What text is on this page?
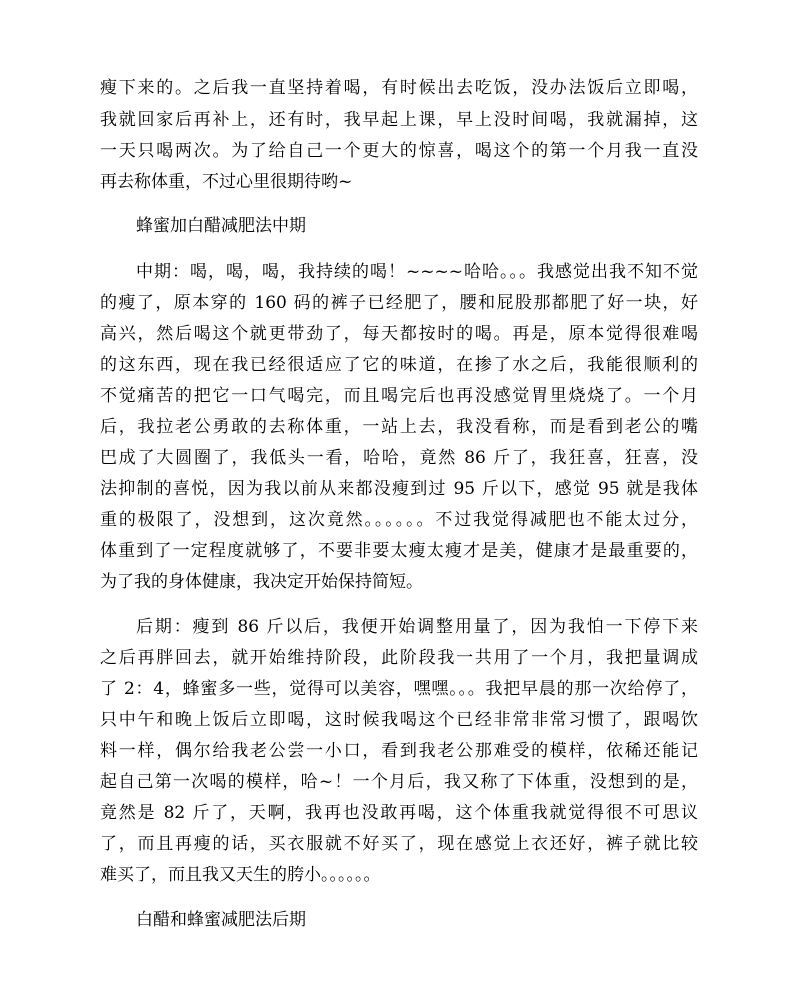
瘦下来的。之后我一直坚持着喝，有时候出去吃饭，没办法饭后立即喝，
我就回家后再补上，还有时，我早起上课，早上没时间喝，我就漏掉，这
一天只喝两次。为了给自己一个更大的惊喜，喝这个的第一个月我一直没
再去称体重，不过心里很期待哟~
蜂蜜加白醋减肥法中期
中期：喝，喝，喝，我持续的喝！~~~~哈哈。。。我感觉出我不知不觉
的瘦了，原本穿的 160 码的裤子已经肥了，腰和屁股那都肥了好一块，好
高兴，然后喝这个就更带劲了，每天都按时的喝。再是，原本觉得很难喝
的这东西，现在我已经很适应了它的味道，在掺了水之后，我能很顺利的
不觉痛苦的把它一口气喝完，而且喝完后也再没感觉胃里烧烧了。一个月
后，我拉老公勇敢的去称体重，一站上去，我没看称，而是看到老公的嘴
巴成了大圆圈了，我低头一看，哈哈，竟然 86 斤了，我狂喜，狂喜，没
法抑制的喜悦，因为我以前从来都没瘦到过 95 斤以下，感觉 95 就是我体
重的极限了，没想到，这次竟然。。。。。。不过我觉得减肥也不能太过分，
体重到了一定程度就够了，不要非要太瘦太瘦才是美，健康才是最重要的，
为了我的身体健康，我决定开始保持简短。
后期：瘦到 86 斤以后，我便开始调整用量了，因为我怕一下停下来
之后再胖回去，就开始维持阶段，此阶段我一共用了一个月，我把量调成
了 2：4，蜂蜜多一些，觉得可以美容，嘿嘿。。。我把早晨的那一次给停了，
只中午和晚上饭后立即喝，这时候我喝这个已经非常非常习惯了，跟喝饮
料一样，偶尔给我老公尝一小口，看到我老公那难受的模样，依稀还能记
起自己第一次喝的模样，哈~！一个月后，我又称了下体重，没想到的是，
竟然是 82 斤了，天啊，我再也没敢再喝，这个体重我就觉得很不可思议
了，而且再瘦的话，买衣服就不好买了，现在感觉上衣还好，裤子就比较
难买了，而且我又天生的胯小。。。。。。
白醋和蜂蜜减肥法后期
